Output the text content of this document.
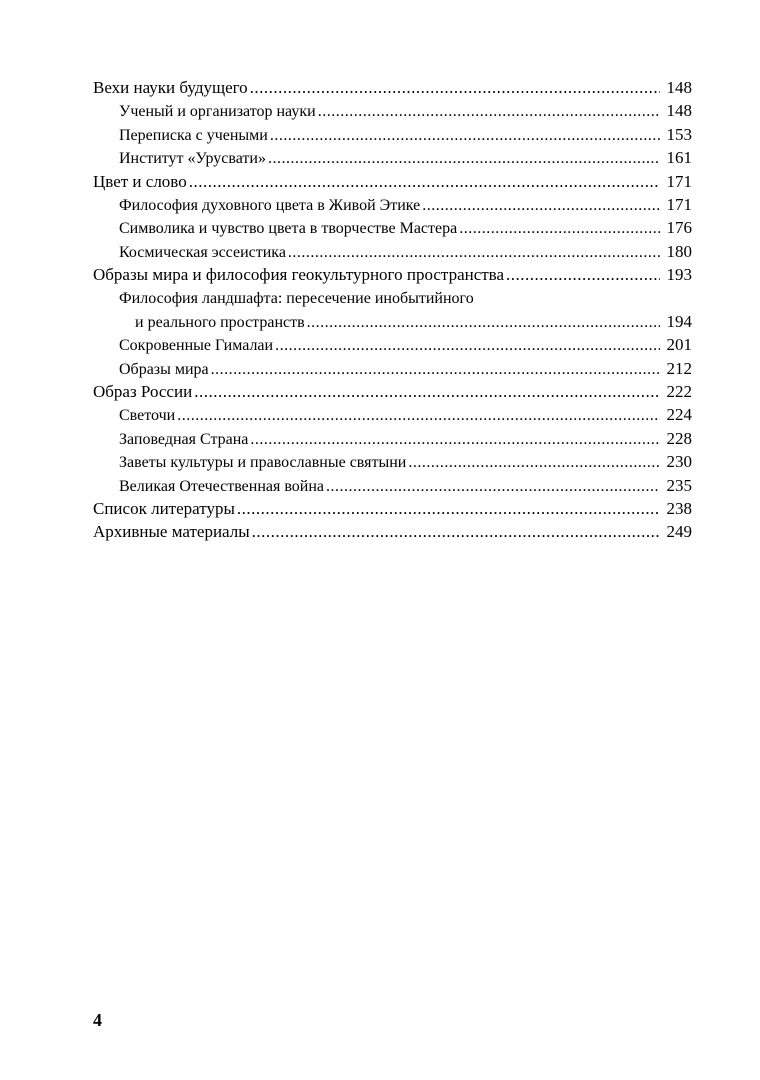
Вехи науки будущего .....	148
Ученый и организатор науки .....	148
Переписка с учеными .....	153
Институт «Урусвати» .....	161
Цвет и слово .....	171
Философия духовного цвета в Живой Этике .....	171
Символика и чувство цвета в творчестве Мастера .....	176
Космическая эссеистика .....	180
Образы мира и философия геокультурного пространства .....	193
Философия ландшафта: пересечение инобытийного
и реального пространств .....	194
Сокровенные Гималаи .....	201
Образы мира .....	212
Образ России .....	222
Светочи .....	224
Заповедная Страна .....	228
Заветы культуры и православные святыни .....	230
Великая Отечественная война .....	235
Список литературы .....	238
Архивные материалы .....	249
4
